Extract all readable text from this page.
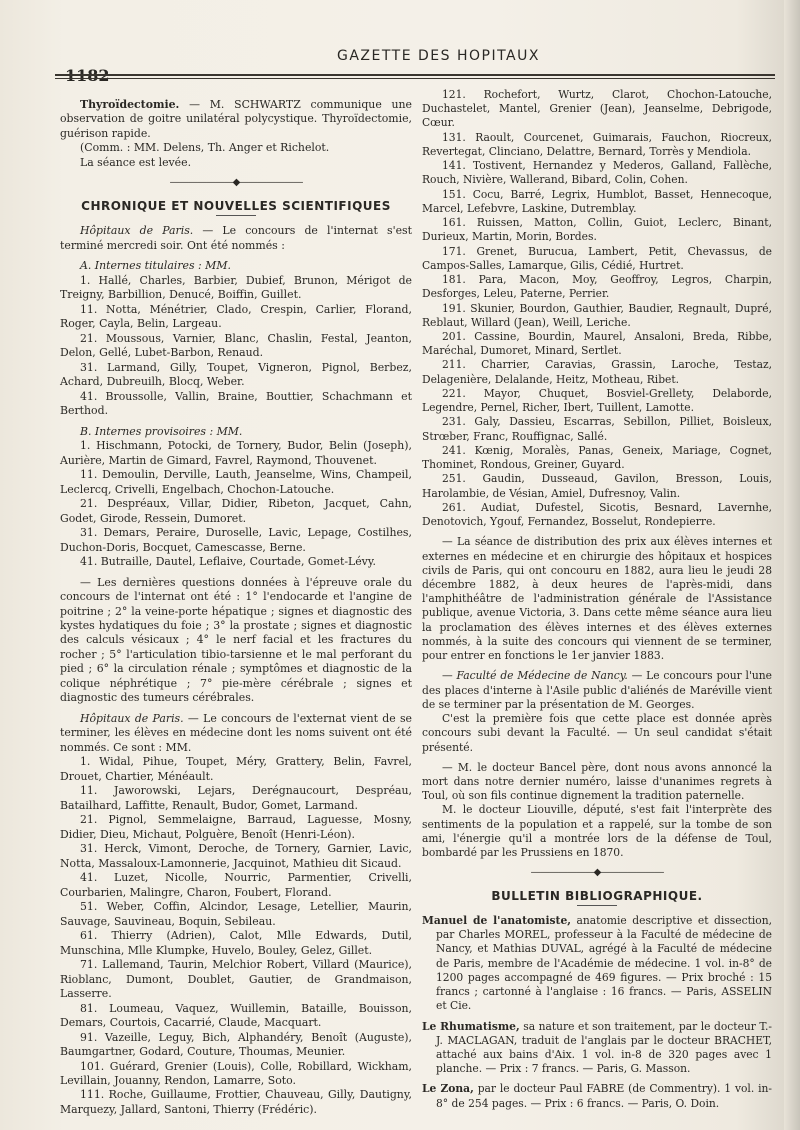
1182
GAZETTE DES HOPITAUX

Thyroïdectomie. — M. SCHWARTZ communique une observation de goitre unilatéral polycystique. Thyroïdectomie, guérison rapide.

(Comm. : MM. Delens, Th. Anger et Richelot.

La séance est levée.

———————◆———————
CHRONIQUE ET NOUVELLES SCIENTIFIQUES

Hôpitaux de Paris. — Le concours de l'internat s'est terminé mercredi soir. Ont été nommés :

A. Internes titulaires : MM.

1. Hallé, Charles, Barbier, Dubief, Brunon, Mérigot de Treigny, Barbillion, Denucé, Boiffin, Guillet.

11. Notta, Ménétrier, Clado, Crespin, Carlier, Florand, Roger, Cayla, Belin, Largeau.

21. Moussous, Varnier, Blanc, Chaslin, Festal, Jeanton, Delon, Gellé, Lubet-Barbon, Renaud.

31. Larmand, Gilly, Toupet, Vigneron, Pignol, Berbez, Achard, Dubreuilh, Blocq, Weber.

41. Broussolle, Vallin, Braine, Bouttier, Schachmann et Berthod.

B. Internes provisoires : MM.

1. Hischmann, Potocki, de Tornery, Budor, Belin (Joseph), Aurière, Martin de Gimard, Favrel, Raymond, Thouvenet.

11. Demoulin, Derville, Lauth, Jeanselme, Wins, Champeil, Leclercq, Crivelli, Engelbach, Chochon-Latouche.

21. Despréaux, Villar, Didier, Ribeton, Jacquet, Cahn, Godet, Girode, Ressein, Dumoret.

31. Demars, Peraire, Duroselle, Lavic, Lepage, Costilhes, Duchon-Doris, Bocquet, Camescasse, Berne.

41. Butraille, Dautel, Leflaive, Courtade, Gomet-Lévy.

— Les dernières questions données à l'épreuve orale du concours de l'internat ont été : 1° l'endocarde et l'angine de poitrine ; 2° la veine-porte hépatique ; signes et diagnostic des kystes hydatiques du foie ; 3° la prostate ; signes et diagnostic des calculs vésicaux ; 4° le nerf facial et les fractures du rocher ; 5° l'articulation tibio-tarsienne et le mal perforant du pied ; 6° la circulation rénale ; symptômes et diagnostic de la colique néphrétique ; 7° pie-mère cérébrale ; signes et diagnostic des tumeurs cérébrales.

Hôpitaux de Paris. — Le concours de l'externat vient de se terminer, les élèves en médecine dont les noms suivent ont été nommés. Ce sont : MM.

1. Widal, Pihue, Toupet, Méry, Grattery, Belin, Favrel, Drouet, Chartier, Ménéault.

11. Jaworowski, Lejars, Derégnaucourt, Despréau, Batailhard, Laffitte, Renault, Budor, Gomet, Larmand.

21. Pignol, Semmelaigne, Barraud, Laguesse, Mosny, Didier, Dieu, Michaut, Polguère, Benoît (Henri-Léon).

31. Herck, Vimont, Deroche, de Tornery, Garnier, Lavic, Notta, Massaloux-Lamonnerie, Jacquinot, Mathieu dit Sicaud.

41. Luzet, Nicolle, Nourric, Parmentier, Crivelli, Courbarien, Malingre, Charon, Foubert, Florand.

51. Weber, Coffin, Alcindor, Lesage, Letellier, Maurin, Sauvage, Sauvineau, Boquin, Sebileau.

61. Thierry (Adrien), Calot, Mlle Edwards, Dutil, Munschina, Mlle Klumpke, Huvelo, Bouley, Gelez, Gillet.

71. Lallemand, Taurin, Melchior Robert, Villard (Maurice), Rioblanc, Dumont, Doublet, Gautier, de Grandmaison, Lasserre.

81. Loumeau, Vaquez, Wuillemin, Bataille, Bouisson, Demars, Courtois, Cacarrié, Claude, Macquart.

91. Vazeille, Leguy, Bich, Alphandéry, Benoît (Auguste), Baumgartner, Godard, Couture, Thoumas, Meunier.

101. Guérard, Grenier (Louis), Colle, Robillard, Wickham, Levillain, Jouanny, Rendon, Lamarre, Soto.

111. Roche, Guillaume, Frottier, Chauveau, Gilly, Dautigny, Marquezy, Jallard, Santoni, Thierry (Frédéric).

121. Rochefort, Wurtz, Clarot, Chochon-Latouche, Duchastelet, Mantel, Grenier (Jean), Jeanselme, Debrigode, Cœur.

131. Raoult, Courcenet, Guimarais, Fauchon, Riocreux, Revertegat, Clinciano, Delattre, Bernard, Torrès y Mendiola.

141. Tostivent, Hernandez y Mederos, Galland, Fallèche, Rouch, Nivière, Wallerand, Bibard, Colin, Cohen.

151. Cocu, Barré, Legrix, Humblot, Basset, Hennecoque, Marcel, Lefebvre, Laskine, Dutremblay.

161. Ruissen, Matton, Collin, Guiot, Leclerc, Binant, Durieux, Martin, Morin, Bordes.

171. Grenet, Burucua, Lambert, Petit, Chevassus, de Campos-Salles, Lamarque, Gilis, Cédié, Hurtret.

181. Para, Macon, Moy, Geoffroy, Legros, Charpin, Desforges, Leleu, Paterne, Perrier.

191. Skunier, Bourdon, Gauthier, Baudier, Regnault, Dupré, Reblaut, Willard (Jean), Weill, Leriche.

201. Cassine, Bourdin, Maurel, Ansaloni, Breda, Ribbe, Maréchal, Dumoret, Minard, Sertlet.

211. Charrier, Caravias, Grassin, Laroche, Testaz, Delagenière, Delalande, Heitz, Motheau, Ribet.

221. Mayor, Chuquet, Bosviel-Grellety, Delaborde, Legendre, Pernel, Richer, Ibert, Tuillent, Lamotte.

231. Galy, Dassieu, Escarras, Sebillon, Pilliet, Boisleux, Strœber, Franc, Rouffignac, Sallé.

241. Kœnig, Moralès, Panas, Geneix, Mariage, Cognet, Thominet, Rondous, Greiner, Guyard.

251. Gaudin, Dusseaud, Gavilon, Bresson, Louis, Harolambie, de Vésian, Amiel, Dufresnoy, Valin.

261. Audiat, Dufestel, Sicotis, Besnard, Lavernhe, Denotovich, Ygouf, Fernandez, Bosselut, Rondepierre.

— La séance de distribution des prix aux élèves internes et externes en médecine et en chirurgie des hôpitaux et hospices civils de Paris, qui ont concouru en 1882, aura lieu le jeudi 28 décembre 1882, à deux heures de l'après-midi, dans l'amphithéâtre de l'administration générale de l'Assistance publique, avenue Victoria, 3. Dans cette même séance aura lieu la proclamation des élèves internes et des élèves externes nommés, à la suite des concours qui viennent de se terminer, pour entrer en fonctions le 1er janvier 1883.

— Faculté de Médecine de Nancy. — Le concours pour l'une des places d'interne à l'Asile public d'aliénés de Maréville vient de se terminer par la présentation de M. Georges.

C'est la première fois que cette place est donnée après concours subi devant la Faculté. — Un seul candidat s'était présenté.

— M. le docteur Bancel père, dont nous avons annoncé la mort dans notre dernier numéro, laisse d'unanimes regrets à Toul, où son fils continue dignement la tradition paternelle.

M. le docteur Liouville, député, s'est fait l'interprète des sentiments de la population et a rappelé, sur la tombe de son ami, l'énergie qu'il a montrée lors de la défense de Toul, bombardé par les Prussiens en 1870.

———————◆———————
BULLETIN BIBLIOGRAPHIQUE.

Manuel de l'anatomiste, anatomie descriptive et dissection, par Charles MOREL, professeur à la Faculté de médecine de Nancy, et Mathias DUVAL, agrégé à la Faculté de médecine de Paris, membre de l'Académie de médecine. 1 vol. in-8° de 1200 pages accompagné de 469 figures. — Prix broché : 15 francs ; cartonné à l'anglaise : 16 francs. — Paris, ASSELIN et Cie.

Le Rhumatisme, sa nature et son traitement, par le docteur T.-J. MACLAGAN, traduit de l'anglais par le docteur BRACHET, attaché aux bains d'Aix. 1 vol. in-8 de 320 pages avec 1 planche. — Prix : 7 francs. — Paris, G. Masson.

Le Zona, par le docteur Paul FABRE (de Commentry). 1 vol. in-8° de 254 pages. — Prix : 6 francs. — Paris, O. Doin.
